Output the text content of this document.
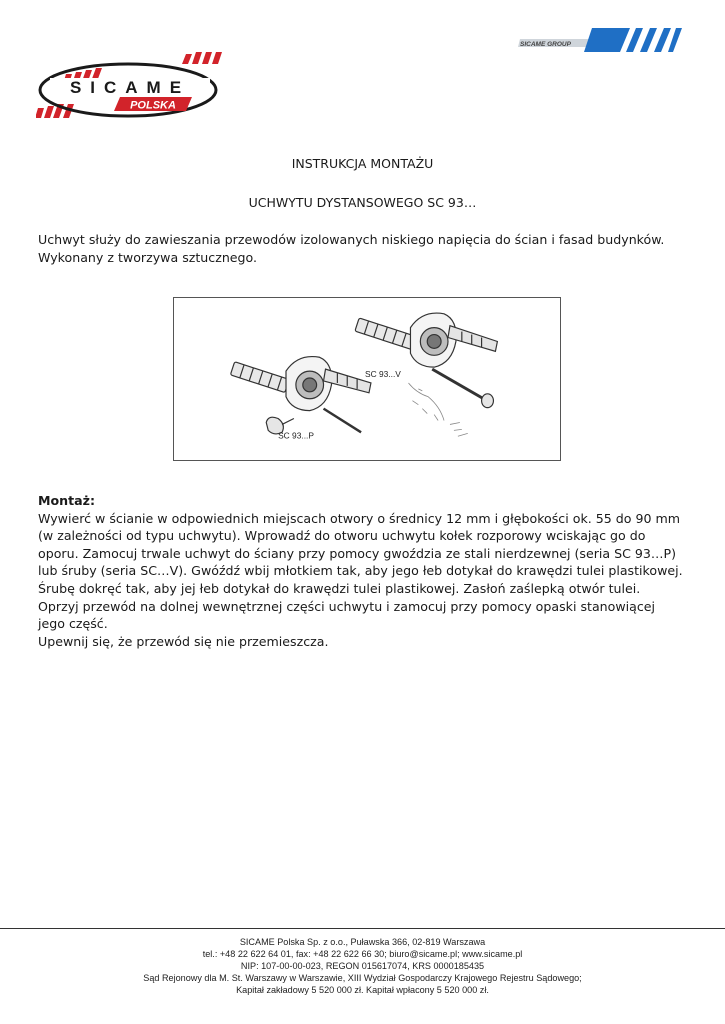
SICAME
POLSKA
SICAME GROUP
INSTRUKCJA MONTAŻU
UCHWYTU DYSTANSOWEGO SC 93…
Uchwyt służy do zawieszania przewodów izolowanych niskiego napięcia do ścian i fasad budynków. Wykonany z tworzywa sztucznego.
SC 93...V
SC 93...P

Montaż:

Wywierć w ścianie w odpowiednich miejscach otwory o średnicy 12 mm i głębokości ok. 55 do 90 mm (w zależności od typu uchwytu). Wprowadź do otworu uchwytu kołek rozporowy wciskając go do oporu. Zamocuj trwale uchwyt do ściany przy pomocy gwoździa ze stali nierdzewnej (seria SC 93…P) lub śruby (seria SC…V). Gwóźdź wbij młotkiem tak, aby jego łeb dotykał do krawędzi tulei plastikowej. Śrubę dokręć tak, aby jej łeb dotykał do krawędzi tulei plastikowej. Zasłoń zaślepką otwór tulei.

Oprzyj przewód na dolnej wewnętrznej części uchwytu i zamocuj przy pomocy opaski stanowiącej jego część.

Upewnij się, że przewód się nie przemieszcza.

SICAME Polska Sp. z o.o., Puławska 366, 02-819 Warszawa
tel.: +48 22 622 64 01, fax: +48 22 622 66 30; biuro@sicame.pl; www.sicame.pl
NIP: 107-00-00-023, REGON 015617074, KRS 0000185435
Sąd Rejonowy dla M. St. Warszawy w Warszawie, XIII Wydział Gospodarczy Krajowego Rejestru Sądowego;
Kapitał zakładowy 5 520 000 zł. Kapitał wpłacony 5 520 000 zł.
